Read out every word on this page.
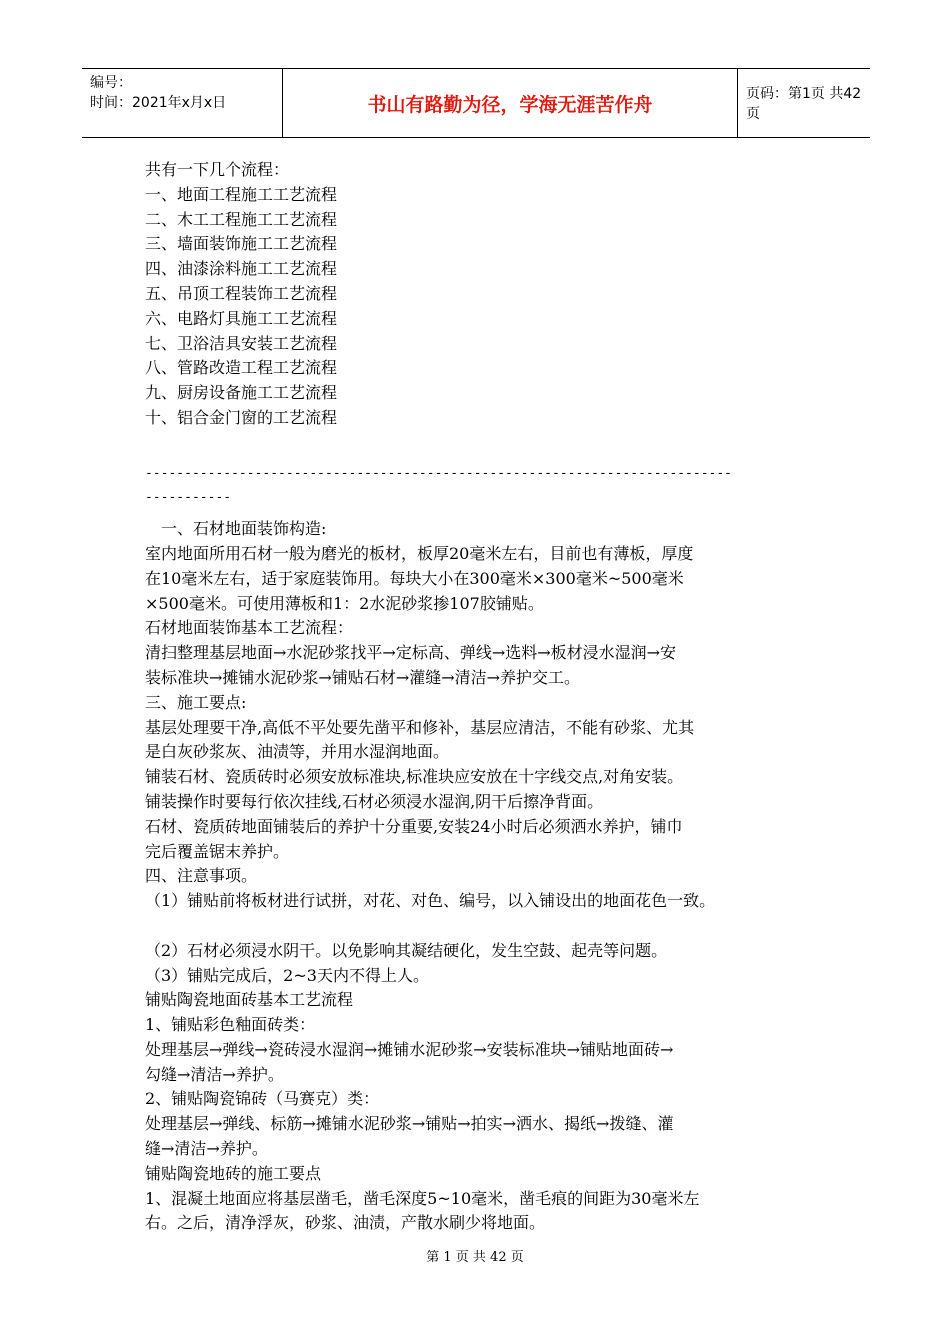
编号：
时间：2021年x月x日	书山有路勤为径，学海无涯苦作舟	页码：第1页 共42页

共有一下几个流程：

一、地面工程施工工艺流程

二、木工工程施工工艺流程

三、墙面装饰施工工艺流程

四、油漆涂料施工工艺流程

五、吊顶工程装饰工艺流程

六、电路灯具施工工艺流程

七、卫浴洁具安装工艺流程

八、管路改造工程工艺流程

九、厨房设备施工工艺流程

十、铝合金门窗的工艺流程

---------------------------------------------------------------------------

-----------

一、石材地面装饰构造:

室内地面所用石材一般为磨光的板材，板厚20毫米左右，目前也有薄板，厚度

在10毫米左右，适于家庭装饰用。每块大小在300毫米×300毫米~500毫米

×500毫米。可使用薄板和1：2水泥砂浆掺107胶铺贴。

石材地面装饰基本工艺流程：

清扫整理基层地面→水泥砂浆找平→定标高、弹线→选料→板材浸水湿润→安

装标准块→摊铺水泥砂浆→铺贴石材→灌缝→清洁→养护交工。

三、施工要点:

基层处理要干净,高低不平处要先凿平和修补，基层应清洁，不能有砂浆、尤其

是白灰砂浆灰、油渍等，并用水湿润地面。

铺装石材、瓷质砖时必须安放标准块,标准块应安放在十字线交点,对角安装。

铺装操作时要每行依次挂线,石材必须浸水湿润,阴干后擦净背面。

石材、瓷质砖地面铺装后的养护十分重要,安装24小时后必须洒水养护，铺巾

完后覆盖锯末养护。

四、注意事项。

（1）铺贴前将板材进行试拼，对花、对色、编号，以入铺设出的地面花色一致。

（2）石材必须浸水阴干。以免影响其凝结硬化，发生空鼓、起壳等问题。

（3）铺贴完成后，2~3天内不得上人。

铺贴陶瓷地面砖基本工艺流程

1、铺贴彩色釉面砖类：

处理基层→弹线→瓷砖浸水湿润→摊铺水泥砂浆→安装标准块→铺贴地面砖→

勾缝→清洁→养护。

2、铺贴陶瓷锦砖（马赛克）类：

处理基层→弹线、标筋→摊铺水泥砂浆→铺贴→拍实→洒水、揭纸→拨缝、灌

缝→清洁→养护。

铺贴陶瓷地砖的施工要点

1、混凝土地面应将基层凿毛，凿毛深度5~10毫米，凿毛痕的间距为30毫米左

右。之后，清净浮灰，砂浆、油渍，产散水刷少将地面。

第 1 页 共 42 页
